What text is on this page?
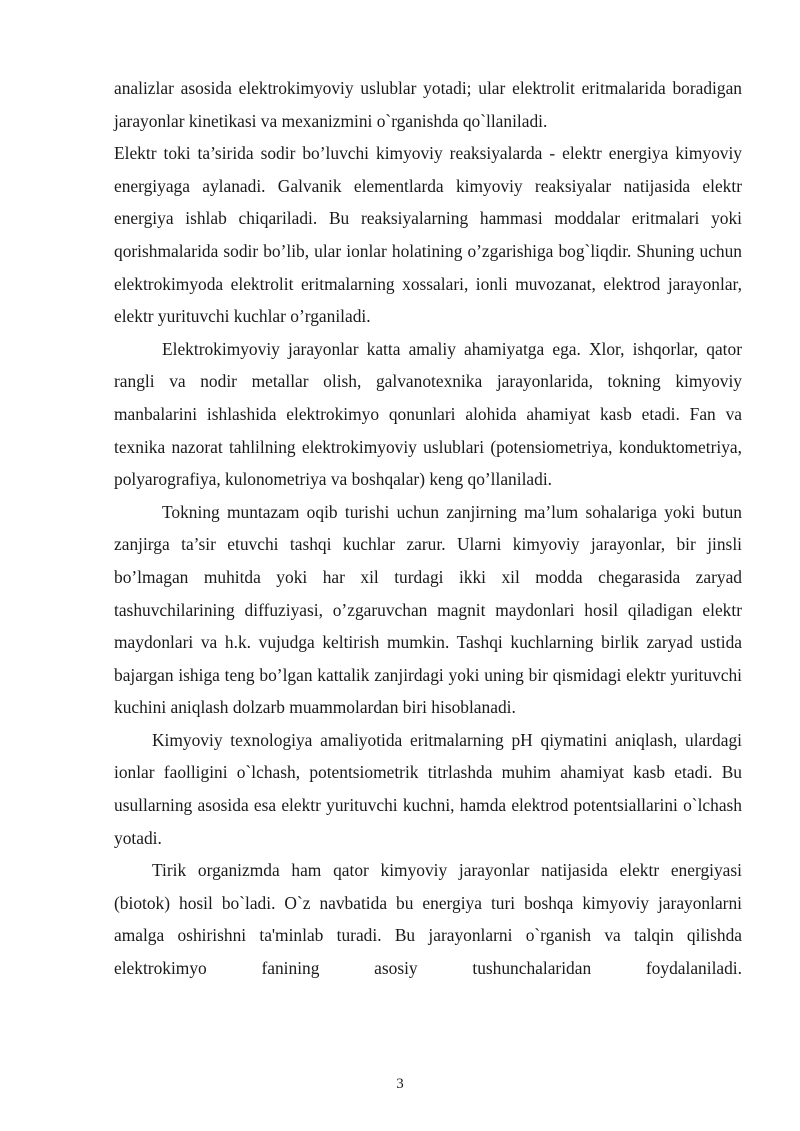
analizlar asosida elektrokimyoviy uslublar yotadi; ular elektrolit eritmalarida boradigan jarayonlar kinetikasi va mexanizmini o`rganishda qo`llaniladi.

Elektr toki ta’sirida sodir bo’luvchi kimyoviy reaksiyalarda - elektr energiya kimyoviy energiyaga aylanadi. Galvanik elementlarda kimyoviy reaksiyalar natijasida elektr energiya ishlab chiqariladi. Bu reaksiyalarning hammasi moddalar eritmalari yoki qorishmalarida sodir bo’lib, ular ionlar holatining o’zgarishiga bog`liqdir. Shuning uchun elektrokimyoda elektrolit eritmalarning xossalari, ionli muvozanat, elektrod jarayonlar, elektr yurituvchi kuchlar o’rganiladi.

Elektrokimyoviy jarayonlar katta amaliy ahamiyatga ega. Xlor, ishqorlar, qator rangli va nodir metallar olish, galvanotexnika jarayonlarida, tokning kimyoviy manbalarini ishlashida elektrokimyo qonunlari alohida ahamiyat kasb etadi. Fan va texnika nazorat tahlilning elektrokimyoviy uslublari (potensiometriya, konduktometriya, polyarografiya, kulonometriya va boshqalar) keng qo’llaniladi.

Tokning muntazam oqib turishi uchun zanjirning ma’lum sohalariga yoki butun zanjirga ta’sir etuvchi tashqi kuchlar zarur. Ularni kimyoviy jarayonlar, bir jinsli bo’lmagan muhitda yoki har xil turdagi ikki xil modda chegarasida zaryad tashuvchilarining diffuziyasi, o’zgaruvchan magnit maydonlari hosil qiladigan elektr maydonlari va h.k. vujudga keltirish mumkin. Tashqi kuchlarning birlik zaryad ustida bajargan ishiga teng bo’lgan kattalik zanjirdagi yoki uning bir qismidagi elektr yurituvchi kuchini aniqlash dolzarb muammolardan biri hisoblanadi.

Kimyoviy texnologiya amaliyotida eritmalarning pH qiymatini aniqlash, ulardagi ionlar faolligini o`lchash, potentsiometrik titrlashda muhim ahamiyat kasb etadi. Bu usullarning asosida esa elektr yurituvchi kuchni, hamda elektrod potentsiallarini o`lchash yotadi.

Tirik organizmda ham qator kimyoviy jarayonlar natijasida elektr energiyasi (biotok) hosil bo`ladi. O`z navbatida bu energiya turi boshqa kimyoviy jarayonlarni amalga oshirishni ta'minlab turadi. Bu jarayonlarni o`rganish va talqin qilishda elektrokimyo fanining asosiy tushunchalaridan foydalaniladi.

3
